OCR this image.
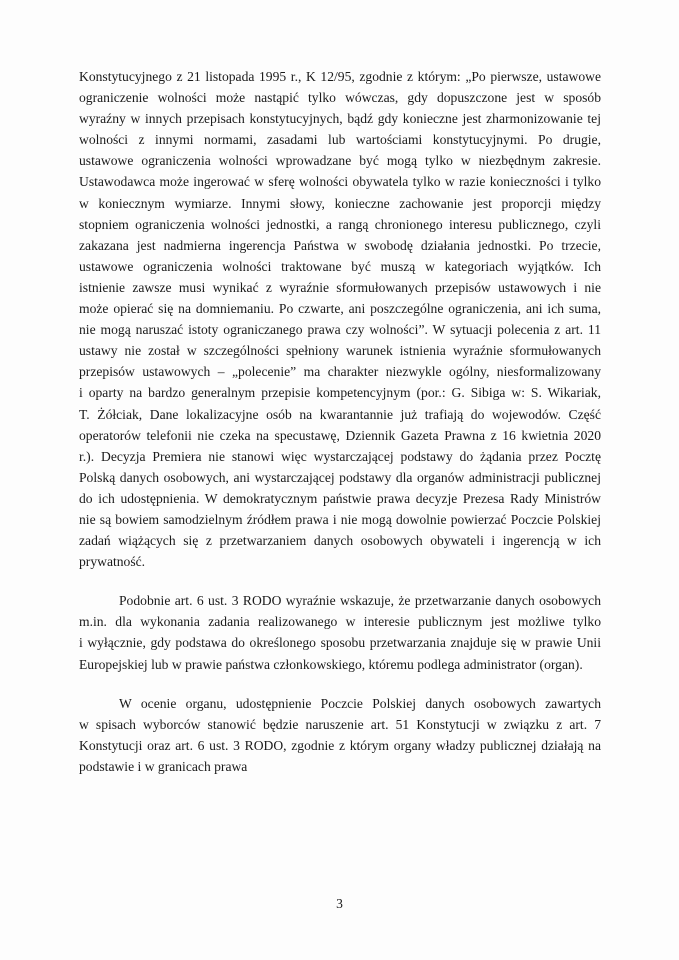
Konstytucyjnego z 21 listopada 1995 r., K 12/95, zgodnie z którym: „Po pierwsze, ustawowe
ograniczenie wolności może nastąpić tylko wówczas, gdy dopuszczone jest w sposób
wyraźny w innych przepisach konstytucyjnych, bądź gdy konieczne jest zharmonizowanie tej
wolności z innymi normami, zasadami lub wartościami konstytucyjnymi. Po drugie,
ustawowe ograniczenia wolności wprowadzane być mogą tylko w niezbędnym zakresie.
Ustawodawca może ingerować w sferę wolności obywatela tylko w razie konieczności i tylko
w koniecznym wymiarze. Innymi słowy, konieczne zachowanie jest proporcji między
stopniem ograniczenia wolności jednostki, a rangą chronionego interesu publicznego, czyli
zakazana jest nadmierna ingerencja Państwa w swobodę działania jednostki. Po trzecie,
ustawowe ograniczenia wolności traktowane być muszą w kategoriach wyjątków. Ich
istnienie zawsze musi wynikać z wyraźnie sformułowanych przepisów ustawowych i nie
może opierać się na domniemaniu. Po czwarte, ani poszczególne ograniczenia, ani ich suma,
nie mogą naruszać istoty ograniczanego prawa czy wolności”. W sytuacji polecenia z art. 11
ustawy nie został w szczególności spełniony warunek istnienia wyraźnie sformułowanych
przepisów ustawowych – „polecenie” ma charakter niezwykle ogólny, niesformalizowany
i oparty na bardzo generalnym przepisie kompetencyjnym (por.: G. Sibiga w: S. Wikariak,
T. Żółciak, Dane lokalizacyjne osób na kwarantannie już trafiają do wojewodów. Część
operatorów telefonii nie czeka na specustawę, Dziennik Gazeta Prawna z 16 kwietnia 2020
r.). Decyzja Premiera nie stanowi więc wystarczającej podstawy do żądania przez Pocztę
Polską danych osobowych, ani wystarczającej podstawy dla organów administracji publicznej
do ich udostępnienia. W demokratycznym państwie prawa decyzje Prezesa Rady Ministrów
nie są bowiem samodzielnym źródłem prawa i nie mogą dowolnie powierzać Poczcie Polskiej
zadań wiążących się z przetwarzaniem danych osobowych obywateli i ingerencją w ich
prywatność.
Podobnie art. 6 ust. 3 RODO wyraźnie wskazuje, że przetwarzanie danych osobowych
m.in. dla wykonania zadania realizowanego w interesie publicznym jest możliwe tylko
i wyłącznie, gdy podstawa do określonego sposobu przetwarzania znajduje się w prawie Unii
Europejskiej lub w prawie państwa członkowskiego, któremu podlega administrator (organ).
W ocenie organu, udostępnienie Poczcie Polskiej danych osobowych zawartych
w spisach wyborców stanowić będzie naruszenie art. 51 Konstytucji w związku z art. 7
Konstytucji oraz art. 6 ust. 3 RODO, zgodnie z którym organy władzy publicznej działają na
podstawie i w granicach prawa
3
